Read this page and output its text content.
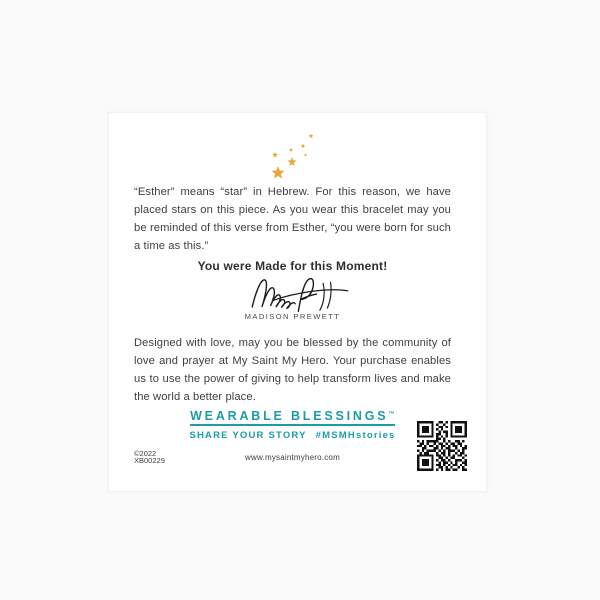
“Esther” means “star” in Hebrew. For this reason, we have placed stars on this piece. As you wear this bracelet may you be reminded of this verse from Esther, “you were born for such a time as this.”
You were Made for this Moment!
MADISON PREWETT
Designed with love, may you be blessed by the community of love and prayer at My Saint My Hero. Your purchase enables us to use the power of giving to help transform lives and make the world a better place.
WEARABLE BLESSINGS™
SHARE YOUR STORY #MSMHstories
©2022
XB00229	www.mysaintmyhero.com
